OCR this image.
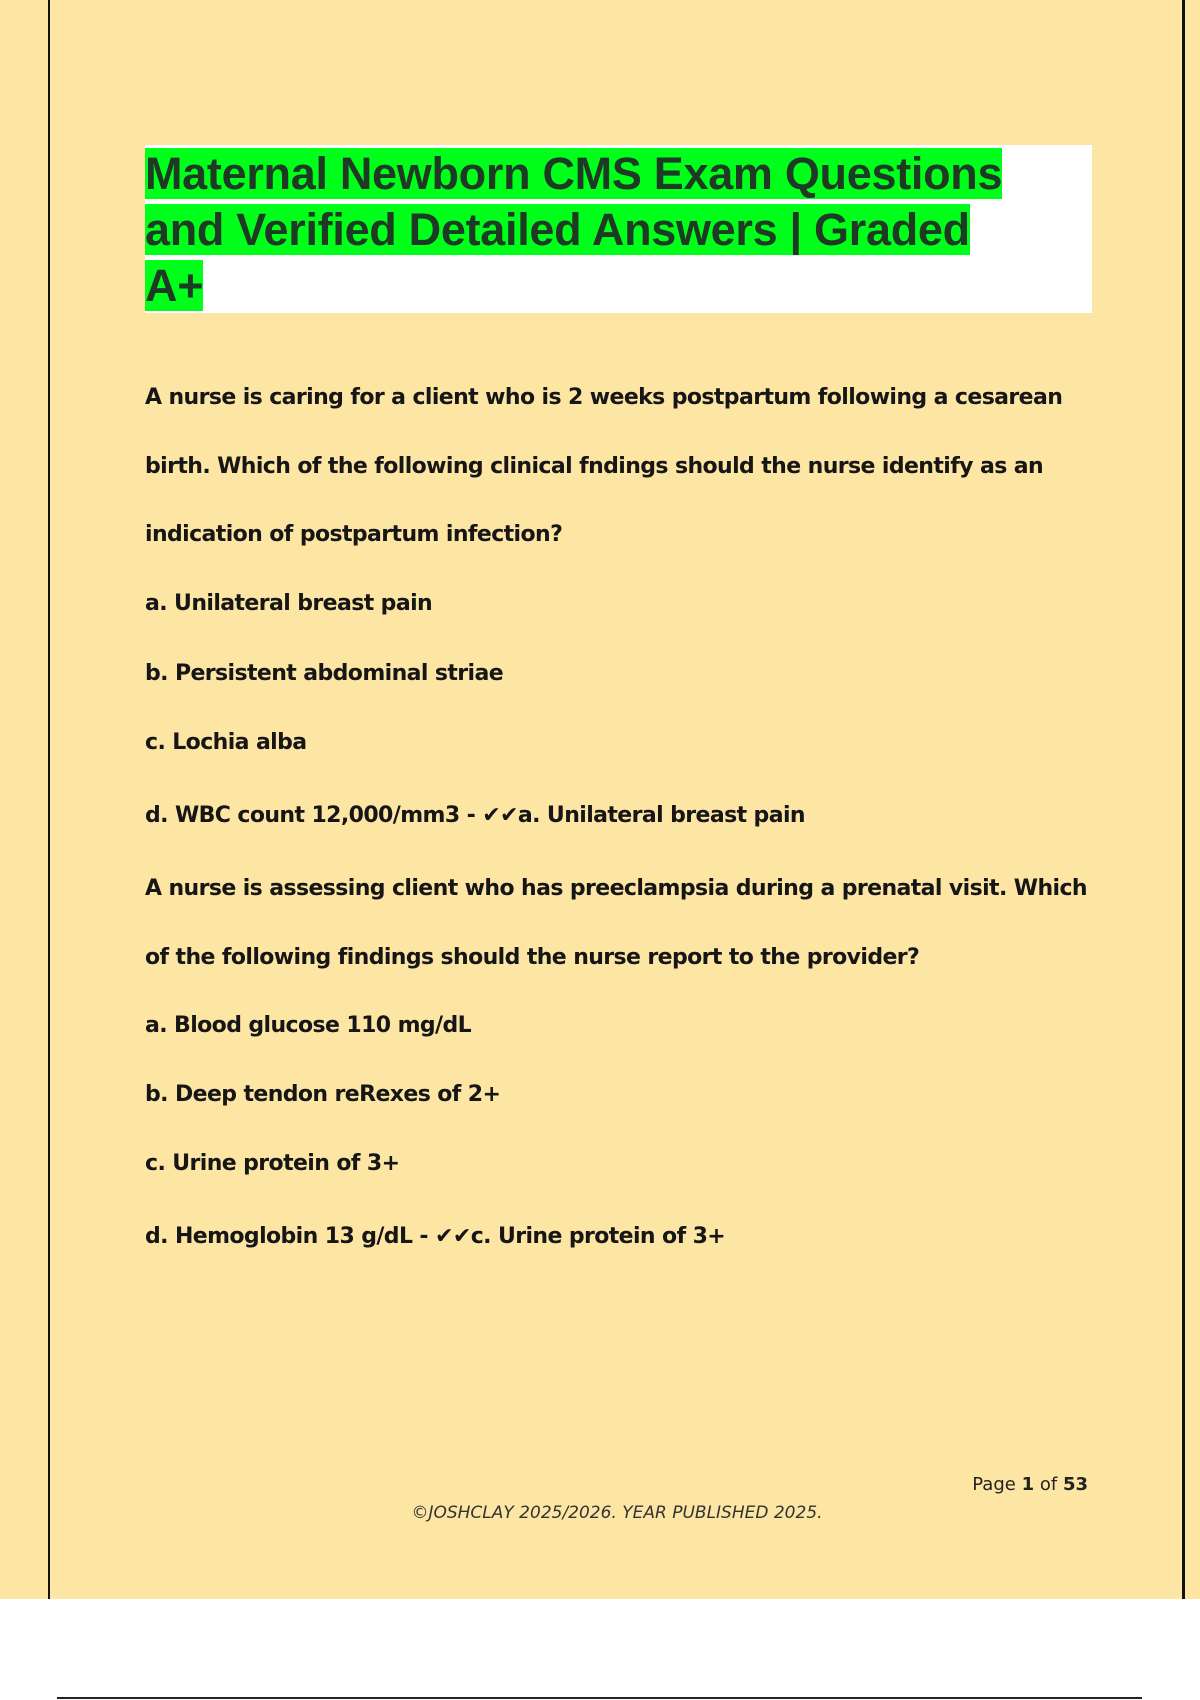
Maternal Newborn CMS Exam Questions
and Verified Detailed Answers | Graded
A+
A nurse is caring for a client who is 2 weeks postpartum following a cesarean
birth. Which of the following clinical fndings should the nurse identify as an
indication of postpartum infection?
a. Unilateral breast pain
b. Persistent abdominal striae
c. Lochia alba
d. WBC count 12,000/mm3 - ✔✔a. Unilateral breast pain
A nurse is assessing client who has preeclampsia during a prenatal visit. Which
of the following findings should the nurse report to the provider?
a. Blood glucose 110 mg/dL
b. Deep tendon reRexes of 2+
c. Urine protein of 3+
d. Hemoglobin 13 g/dL - ✔✔c. Urine protein of 3+
Page 1 of 53
©JOSHCLAY 2025/2026. YEAR PUBLISHED 2025.
